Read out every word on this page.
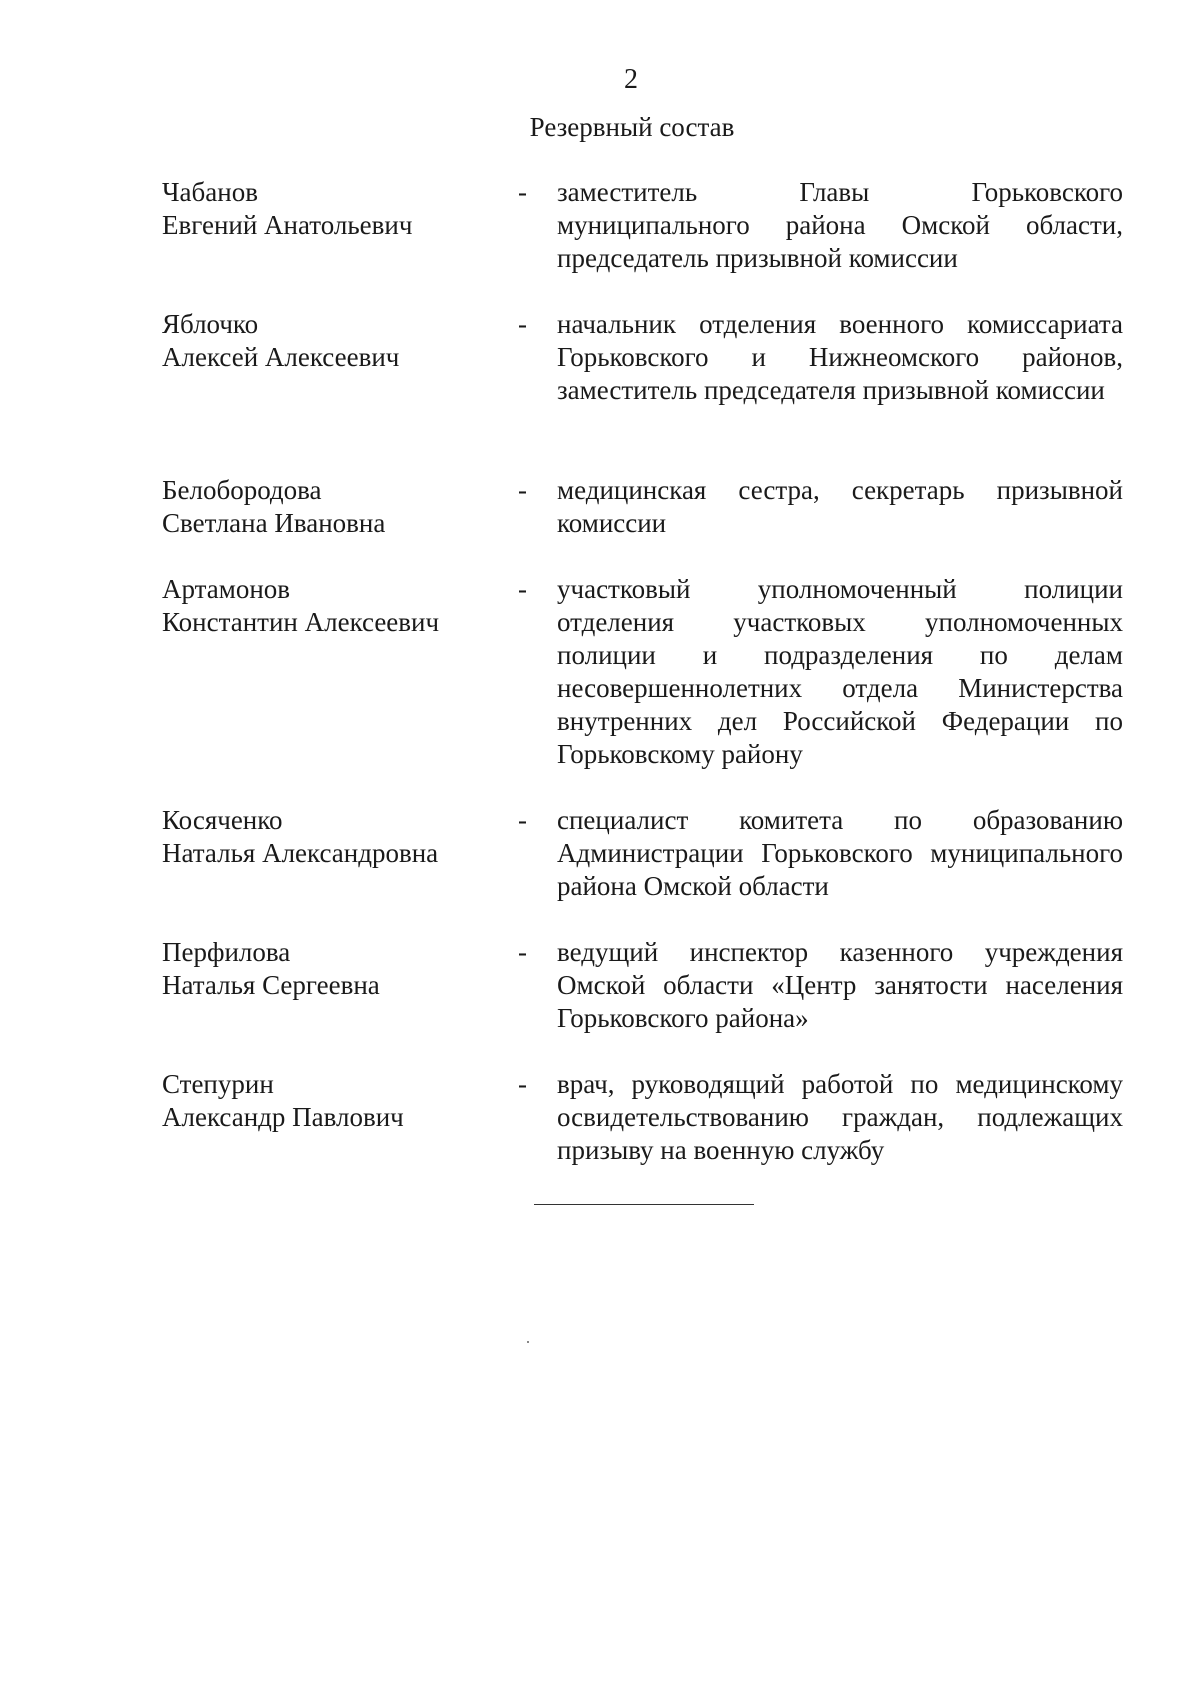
2
Резервный состав
Чабанов
Евгений Анатольевич
- заместитель Главы Горьковского муниципального района Омской области, председатель призывной комиссии
Яблочко
Алексей Алексеевич
- начальник отделения военного комиссариата Горьковского и Нижнеомского районов, заместитель председателя призывной комиссии
Белобородова
Светлана Ивановна
- медицинская сестра, секретарь призывной комиссии
Артамонов
Константин Алексеевич
- участковый уполномоченный полиции отделения участковых уполномоченных полиции и подразделения по делам несовершеннолетних отдела Министерства внутренних дел Российской Федерации по Горьковскому району
Косяченко
Наталья Александровна
- специалист комитета по образованию Администрации Горьковского муниципального района Омской области
Перфилова
Наталья Сергеевна
- ведущий инспектор казенного учреждения Омской области «Центр занятости населения Горьковского района»
Степурин
Александр Павлович
- врач, руководящий работой по медицинскому освидетельствованию граждан, подлежащих призыву на военную службу
